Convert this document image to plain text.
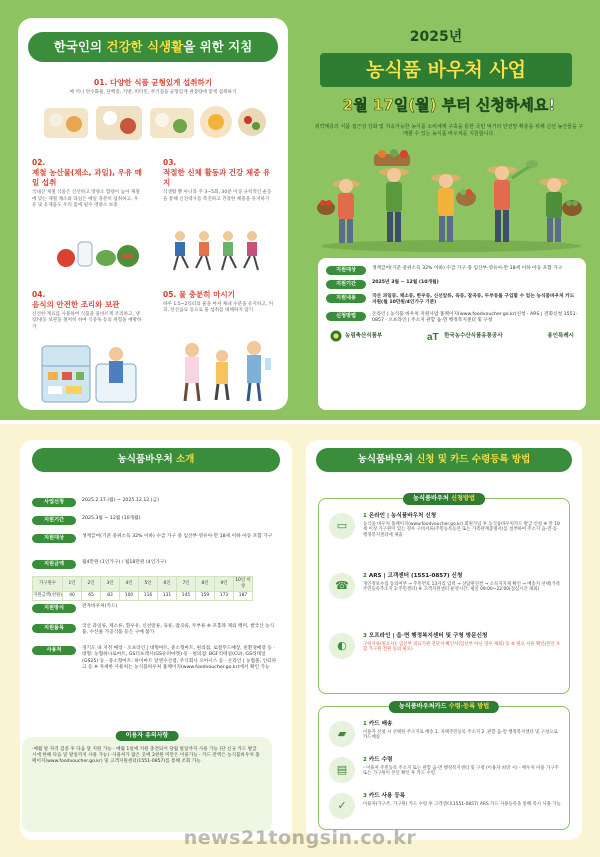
한국인의 건강한 식생활을 위한 지침
01. 다양한 식품 균형있게 섭취하기
매 끼니 탄수화물, 단백질, 지방, 비타민, 무기질을 균형있게 권장량에 맞게 섭취하기
02.
제철 농산물(채소, 과일), 우유 매일 섭취
국내산 제철 식품은 신선하고 영양소 함량이 높아 제철에 맞는 제철 채소와 과일은 매일 충분히 섭취하고, 우유 및 유제품도 우리 몸에 필수 영양소 보충
03.
적절한 신체 활동과 건강 체중 유지
식생활 뿐 아니라 주 3~5회, 30분 이상 규칙적인 운동을 통해 신진대사를 촉진하고 건강한 체중을 유지하기
04.
음식의 안전한 조리와 보관
신선한 재료를 사용하여 식품을 올바르게 조리하고, 냉장/냉동 보관을 철저히 하여 식중독 등의 위험을 예방하기
05. 물 충분히 마시기
하루 1.5~2리터의 물을 마셔 체내 수분을 유지하고, 커피, 탄산음료 등으로 물 섭취를 대체하지 않기
2025년
농식품 바우처 사업
2월 17일(월) 부터 신청하세요!
취약계층의 식품 접근성 강화 및 지속가능한 농식품 소비체계 구축을 통한 국민 먹거리 안전망 확충을 위해 신선 농산물을 구매할 수 있는 농식품 바우처를 지원합니다.
지원대상	생계급여(기준 중위소득 32% 이하) 수급 가구 중 임산부·영유아·만 18세 이하 아동 포함 가구
지원기간	2025년 3월 ~ 12월 (10개월)
지원내용	국산 과일류, 채소류, 한우류, 신선알류, 육류, 잡곡류, 두부류를 구입할 수 있는 농식품바우처 카드 지원(월 10만원/4인가구 기준)
신청방법	온라인 | 농식품 바우처 지원사업 홈페이지(www.foodvoucher.go.kr)신청 · ARS | 전화신청 1551-0857 · 오프라인 | 주소지 관할 읍·면 행정복지센터 및 구청
농림축산식품부	aT 한국농수산식품유통공사	용인특례시
농식품바우처 소개
사업신청	2025.2.17.(월) ~ 2025.12.12.(금)
지원기간	2025.3월 ~ 12월 (10개월)
지원대상	생계급여(기준 중위소득 32% 이하) 수급 가구 중 임산부·영유아·만 18세 이하 아동 포함 가구
지원금액	월4만원 (1인가구) / 월18만원 (4인가구)
가구원수	1인	2인	3인	4인	5인	6인	7인	8인	9인	10인 이상
지원금액(천원)	40	65	83	100	116	131	145	159	173	187
지원방식	전자바우처(카드)
지원품목	국산 과일류, 채소류, 흰우유, 신선알류, 육류, 잡곡류, 두부류 ※ 포홀목 제외 백미, 쌀국산 농식품, 수산물 가공식품 등은 구매 불가
사용처	경기도 내 지정 매장 · 오프라인 | 대형마트, 중소형마트, 편의점, 로컬푸드매장, 친환경매장 등 · 대형: 농협하나로마트, GS더프레시(GS슈퍼마켓) 등 · 편의점: BGF리테일(CU), GS리테일(GS25) 등 · 중소형마트: 하이마트 알앤수산점, 주식회사 오아시스 등 · 온라인 | 농협몰, 인터파크 등 ※ 자세한 사용처는 농식품바우처 홈페이지(www.foodvoucher.go.kr)에서 확인 가능
이용자 유의사항
·매월 말 자격 검증 후 다음 달 지원 가능 · 매월 1일에 지원 충전되어 당월 말일까지 사용 가능 (단 신규 카드 발급 시에 한해 다음 달 말일까지 사용 가능) ·사용처가 많은 곳에 3천원 미만은 이용가능 · 카드 잔액은 농식품바우처 홈페이지(www.foodvoucher.go.kr) 및 고객지원센터(1551-0857)를 통해 조회 가능
농식품바우처 신청 및 카드 수령등록 방법
농식품바우처 신청방법
▭
1 온라인 | 농식품바우처 신청
농식품 바우처 홈페이지(www.foodvoucher.go.kr) 회원가입 후 농식품바우처카드 발급 신청 ※ 만 19세 이상 가구원이 있는 경우 구비서류(주민등록등본 또는 가족관계증명서)를 첨부하여 주소지 읍·면·동 행정복지센터에 제출
☎
2 ARS | 고객센터 (1551-0857) 신청
개인정보수집 동의여부 → 주민번호 13자리 입력 → 상담원연결 → 소득지지제 확인 → 배송지 선택(가족주민등록주소지 2:주민센터) ※ 고객지원센터 운영시간: 평일 09:00~22:00(점심시간 제외)
◐
3 오프라인 | 읍·면 행정복지센터 및 구청 방문신청
구비서류(필요시): 임신부 의료기관 진단서·확인서(임신부 아닌 경우 제외) 등 ※ 필요 서류 확인(본인 포함 가구원 전원 동의 필요)
농식품바우처카드 수령·등록 방법
▰
1 카드 배송
이용자 신청 시 선택한 주소지로 배송 1. 자택주민등록 주소지 2. 관할 읍·면 행정복지센터 및 구청으로 카드배송
▤
2 카드 수령
- 이용자 주민등록 주소지 또는 관할 읍·면 행정복지센터 및 구청 (이용자 희망 시) - 배우처 이용 가구주 또는 가구원이 본인 확인 후 카드 수령
✓
3 카드 사용 등록
이용자(가구주, 가구원) 카드 수령 후 고객센터(1551-0857) ARS 카드 사용등록을 통해 즉시 사용 가능
news21tongsin.co.kr
